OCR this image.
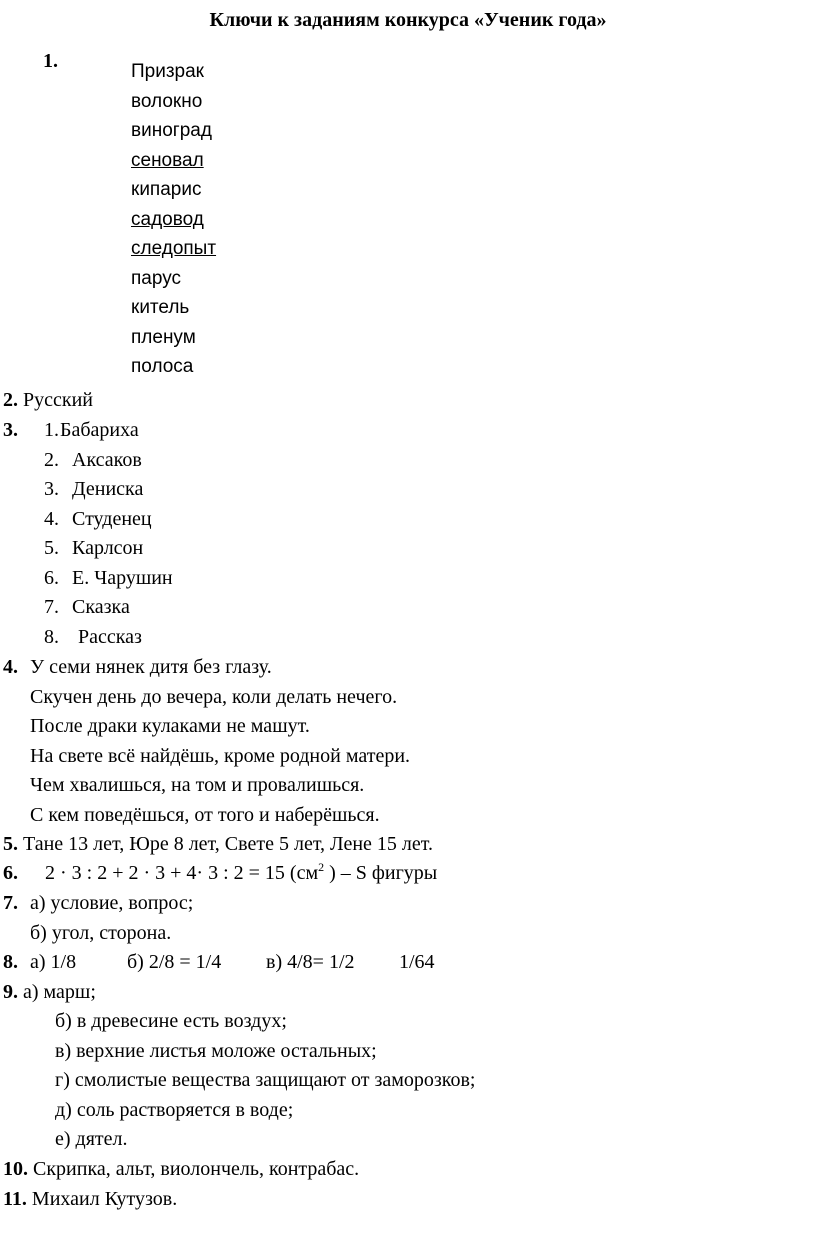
Ключи к заданиям конкурса «Ученик года»
1.	Призрак
волокно
виноград
сеновал
кипарис
садовод
следопыт
парус
китель
пленум
полоса
2. Русский
3. 1.Бабариха
2. Аксаков
3. Дениска
4. Студенец
5. Карлсон
6. Е. Чарушин
7. Сказка
8. Рассказ
4. У семи нянек дитя без глазу.
Скучен день до вечера, коли делать нечего.
После драки кулаками не машут.
На свете всё найдёшь, кроме родной матери.
Чем хвалишься, на том и провалишься.
С кем поведёшься, от того и наберёшься.
5. Тане 13 лет, Юре 8 лет, Свете 5 лет, Лене 15 лет.
6. 2 · 3 : 2 + 2 · 3 + 4· 3 : 2 = 15 ($см^2$ ) – S фигуры
7. а) условие, вопрос;
б) угол, сторона.
8. а) 1/8	б) 2/8 = 1/4 в) 4/8= 1/2 1/64
9. а) марш;
б) в древесине есть воздух;
в) верхние листья моложе остальных;
г) смолистые вещества защищают от заморозков;
д) соль растворяется в воде;
е) дятел.
10. Скрипка, альт, виолончель, контрабас.
11. Михаил Кутузов.
